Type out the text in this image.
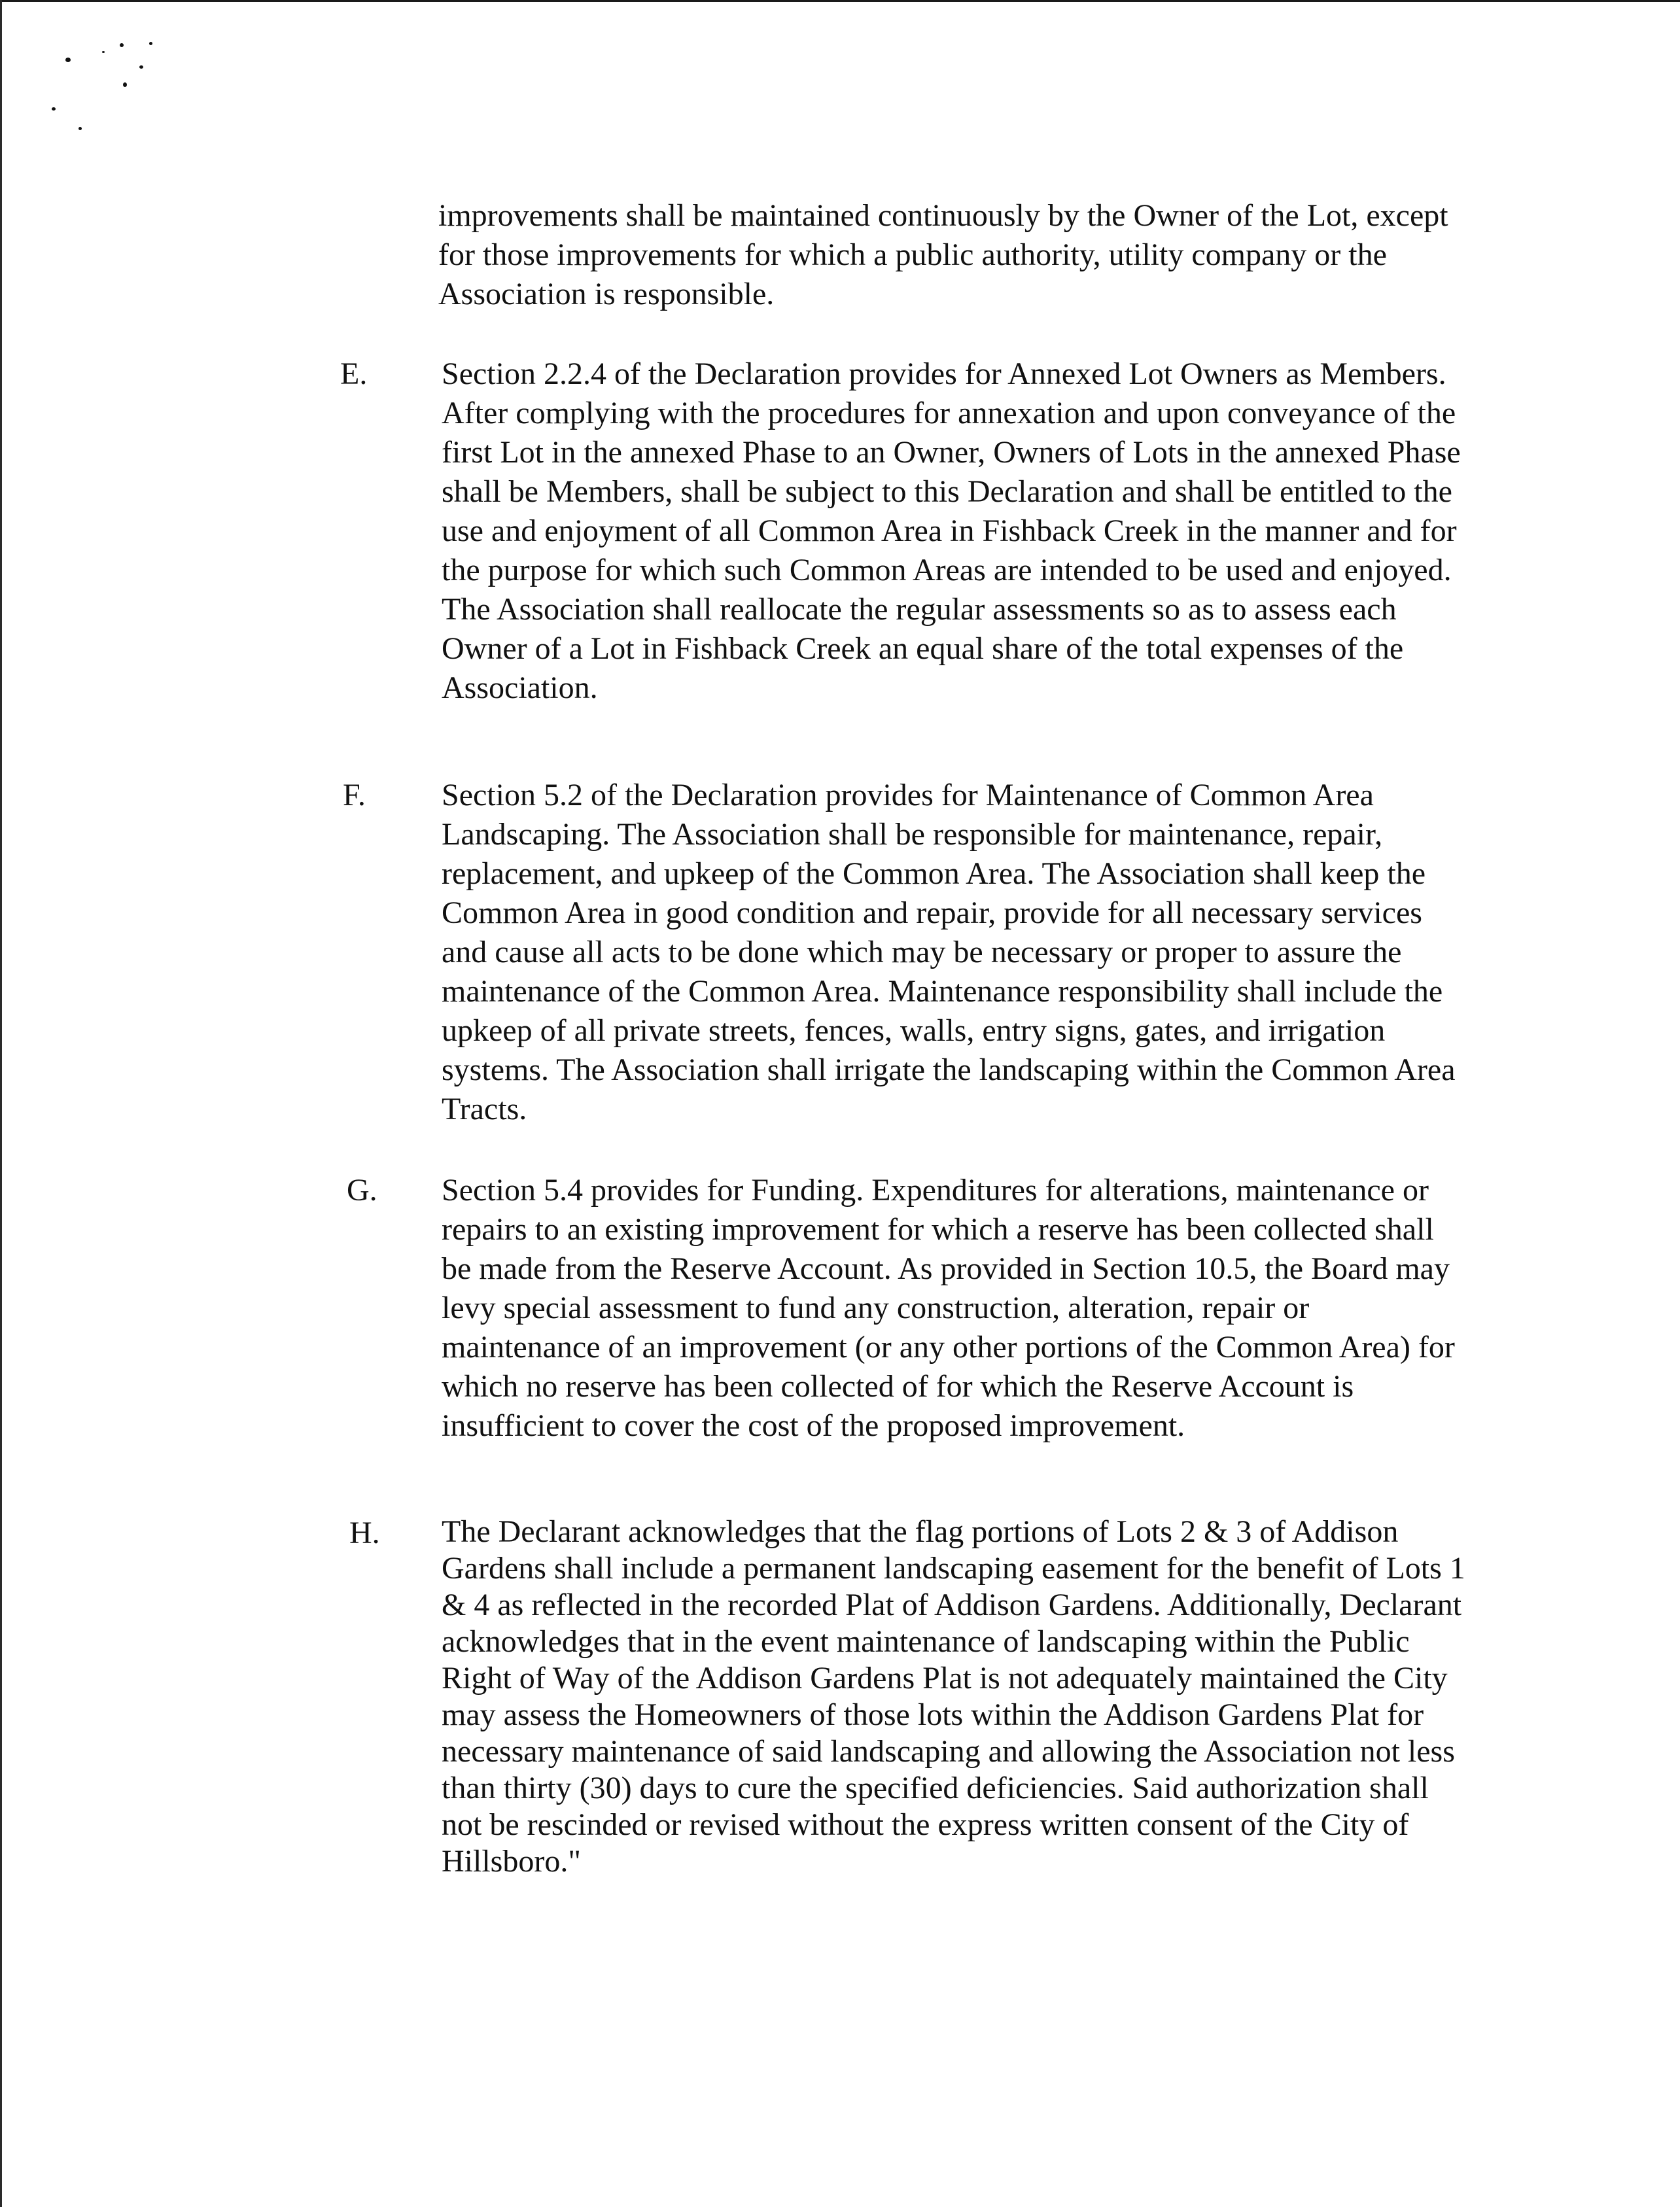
improvements shall be maintained continuously by the Owner of the Lot, except for those improvements for which a public authority, utility company or the Association is responsible.

E. Section 2.2.4 of the Declaration provides for Annexed Lot Owners as Members. After complying with the procedures for annexation and upon conveyance of the first Lot in the annexed Phase to an Owner, Owners of Lots in the annexed Phase shall be Members, shall be subject to this Declaration and shall be entitled to the use and enjoyment of all Common Area in Fishback Creek in the manner and for the purpose for which such Common Areas are intended to be used and enjoyed. The Association shall reallocate the regular assessments so as to assess each Owner of a Lot in Fishback Creek an equal share of the total expenses of the Association.

F. Section 5.2 of the Declaration provides for Maintenance of Common Area Landscaping. The Association shall be responsible for maintenance, repair, replacement, and upkeep of the Common Area. The Association shall keep the Common Area in good condition and repair, provide for all necessary services and cause all acts to be done which may be necessary or proper to assure the maintenance of the Common Area. Maintenance responsibility shall include the upkeep of all private streets, fences, walls, entry signs, gates, and irrigation systems. The Association shall irrigate the landscaping within the Common Area Tracts.

G. Section 5.4 provides for Funding. Expenditures for alterations, maintenance or repairs to an existing improvement for which a reserve has been collected shall be made from the Reserve Account. As provided in Section 10.5, the Board may levy special assessment to fund any construction, alteration, repair or maintenance of an improvement (or any other portions of the Common Area) for which no reserve has been collected of for which the Reserve Account is insufficient to cover the cost of the proposed improvement.

H. The Declarant acknowledges that the flag portions of Lots 2 & 3 of Addison Gardens shall include a permanent landscaping easement for the benefit of Lots 1 & 4 as reflected in the recorded Plat of Addison Gardens. Additionally, Declarant acknowledges that in the event maintenance of landscaping within the Public Right of Way of the Addison Gardens Plat is not adequately maintained the City may assess the Homeowners of those lots within the Addison Gardens Plat for necessary maintenance of said landscaping and allowing the Association not less than thirty (30) days to cure the specified deficiencies. Said authorization shall not be rescinded or revised without the express written consent of the City of Hillsboro."
